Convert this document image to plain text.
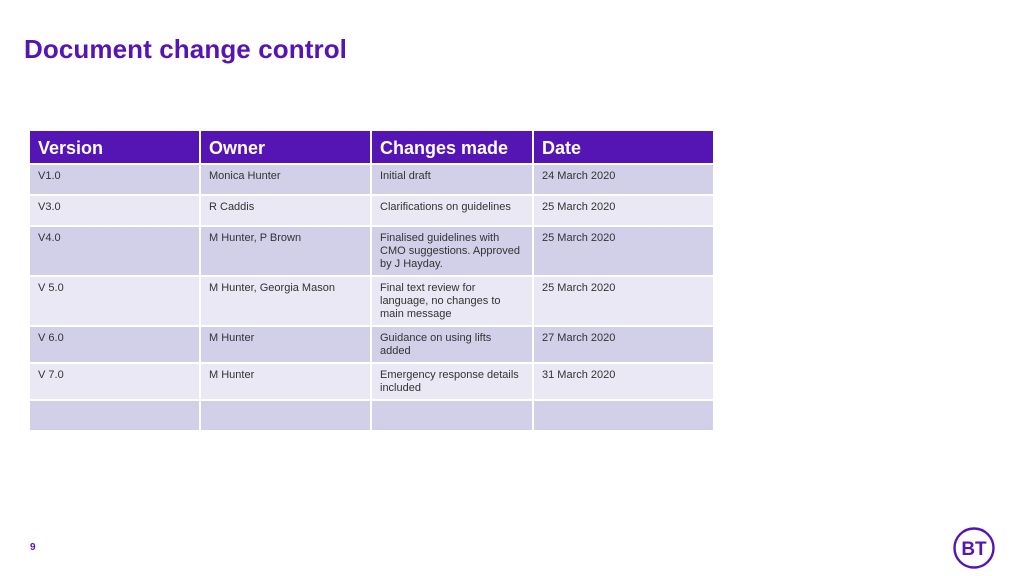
Document change control
Version	Owner	Changes made	Date
V1.0	Monica Hunter	Initial draft	24 March 2020
V3.0	R Caddis	Clarifications on guidelines	25 March 2020
V4.0	M Hunter, P Brown	Finalised guidelines with CMO suggestions. Approved by J Hayday.	25 March 2020
V 5.0	M Hunter, Georgia Mason	Final text review for language, no changes to main message	25 March 2020
V 6.0	M Hunter	Guidance on using lifts added	27 March 2020
V 7.0	M Hunter	Emergency response details included	31 March 2020

9	BT
